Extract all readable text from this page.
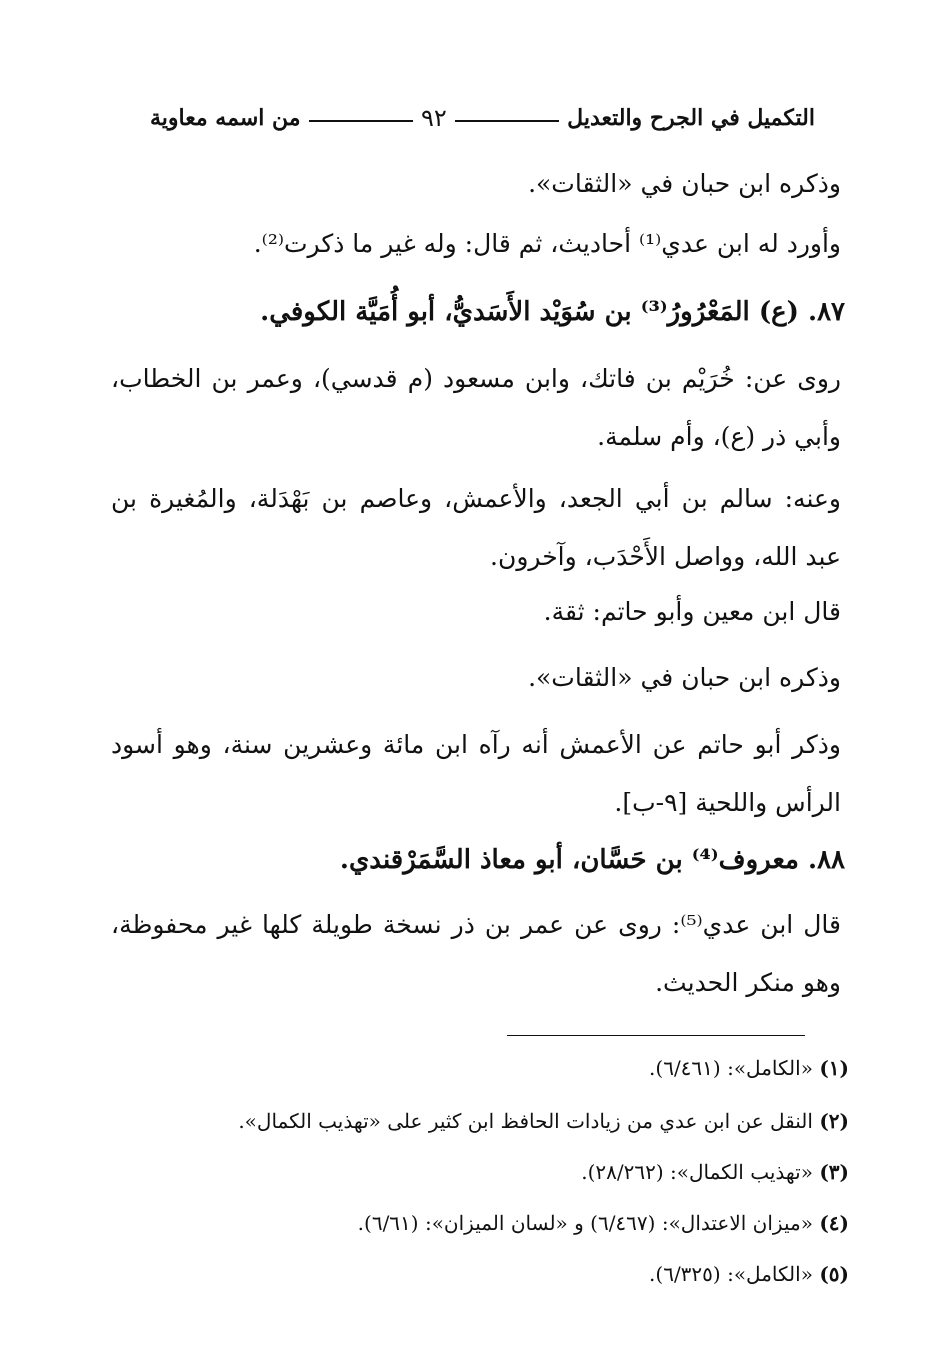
التكميل في الجرح والتعديل
٩٢
من اسمه معاوية
وذكره ابن حبان في «الثقات».
وأورد له ابن عدي⁽¹⁾ أحاديث، ثم قال: وله غير ما ذكرت⁽²⁾.
٨٧. (ع) المَعْرُورُ⁽³⁾ بن سُوَيْد الأَسَديُّ، أبو أُمَيَّة الكوفي.
روى عن: خُرَيْم بن فاتك، وابن مسعود (م قدسي)، وعمر بن الخطاب، وأبي ذر (ع)، وأم سلمة.
وعنه: سالم بن أبي الجعد، والأعمش، وعاصم بن بَهْدَلة، والمُغيرة بن عبد الله، وواصل الأَحْدَب، وآخرون.
قال ابن معين وأبو حاتم: ثقة.
وذكره ابن حبان في «الثقات».
وذكر أبو حاتم عن الأعمش أنه رآه ابن مائة وعشرين سنة، وهو أسود الرأس واللحية [٩-ب].
٨٨. معروف⁽⁴⁾ بن حَسَّان، أبو معاذ السَّمَرْقندي.
قال ابن عدي⁽⁵⁾: روى عن عمر بن ذر نسخة طويلة كلها غير محفوظة، وهو منكر الحديث.
(١) «الكامل»: (٦/٤٦١).
(٢) النقل عن ابن عدي من زيادات الحافظ ابن كثير على «تهذيب الكمال».
(٣) «تهذيب الكمال»: (٢٨/٢٦٢).
(٤) «ميزان الاعتدال»: (٦/٤٦٧) و «لسان الميزان»: (٦/٦١).
(٥) «الكامل»: (٦/٣٢٥).
